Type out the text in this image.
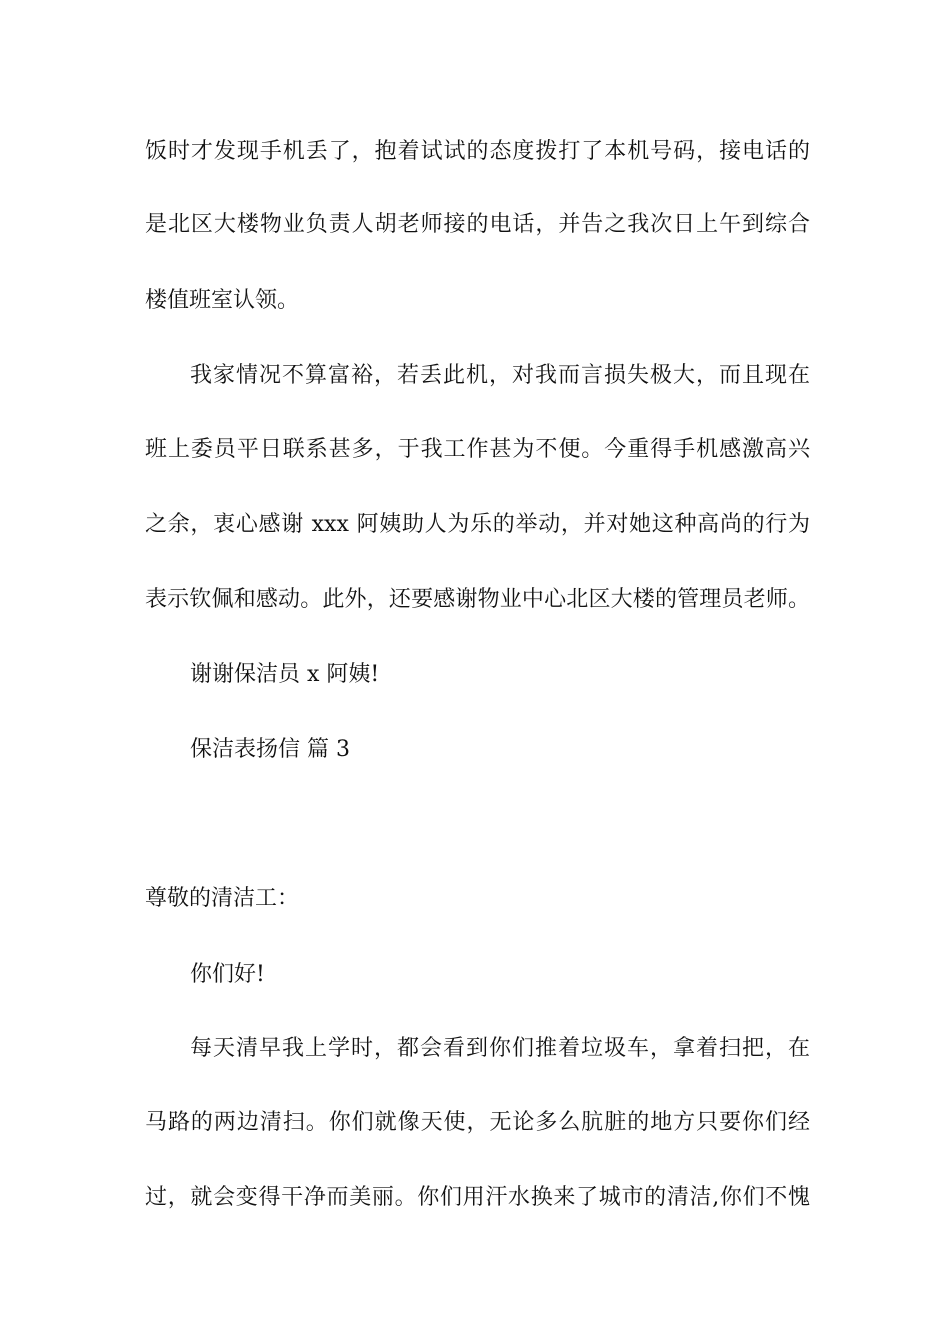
饭时才发现手机丢了，抱着试试的态度拨打了本机号码，接电话的
是北区大楼物业负责人胡老师接的电话，并告之我次日上午到综合
楼值班室认领。
我家情况不算富裕，若丢此机，对我而言损失极大，而且现在
班上委员平日联系甚多，于我工作甚为不便。今重得手机感激高兴
之余，衷心感谢 xxx 阿姨助人为乐的举动，并对她这种高尚的行为
表示钦佩和感动。此外，还要感谢物业中心北区大楼的管理员老师。
谢谢保洁员 x 阿姨!
保洁表扬信 篇 3
尊敬的清洁工：
你们好!
每天清早我上学时，都会看到你们推着垃圾车，拿着扫把，在
马路的两边清扫。你们就像天使，无论多么肮脏的地方只要你们经
过，就会变得干净而美丽。你们用汗水换来了城市的清洁,你们不愧
